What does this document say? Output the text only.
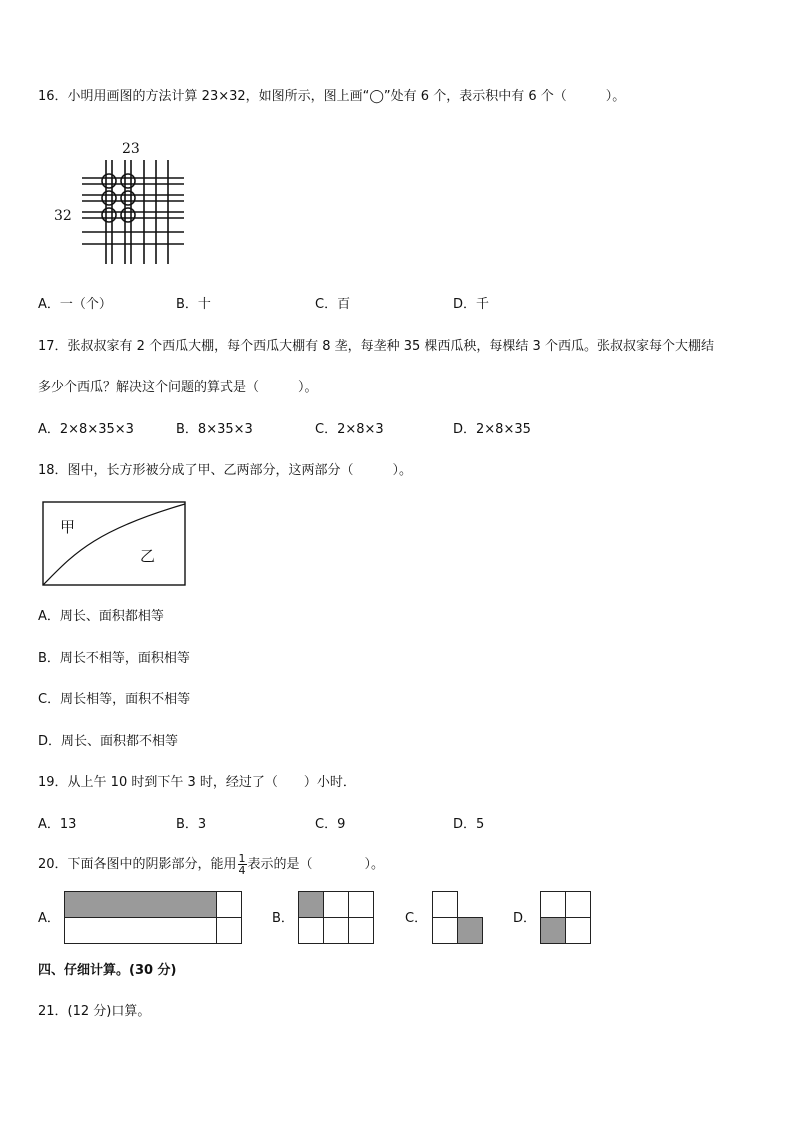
16．小明用画图的方法计算 23×32，如图所示，图上画“◯”处有 6 个，表示积中有 6 个（　　　）。
23
32
A．一（个）	B．十	C．百	D．千
17．张叔叔家有 2 个西瓜大棚，每个西瓜大棚有 8 垄，每垄种 35 棵西瓜秧，每棵结 3 个西瓜。张叔叔家每个大棚结
多少个西瓜？解决这个问题的算式是（　　　）。
A．2×8×35×3	B．8×35×3	C．2×8×3	D．2×8×35
18．图中，长方形被分成了甲、乙两部分，这两部分（　　　）。
甲
乙
A．周长、面积都相等
B．周长不相等，面积相等
C．周长相等，面积不相等
D．周长、面积都不相等
19．从上午 10 时到下午 3 时，经过了（　　）小时．
A．13	B．3	C．9	D．5
20．下面各图中的阴影部分，能用 $\frac{1}{4}$ 表示的是（　　　　）。
A．	B．	C．	D．
四、仔细计算。(30 分)
21．(12 分)口算。
